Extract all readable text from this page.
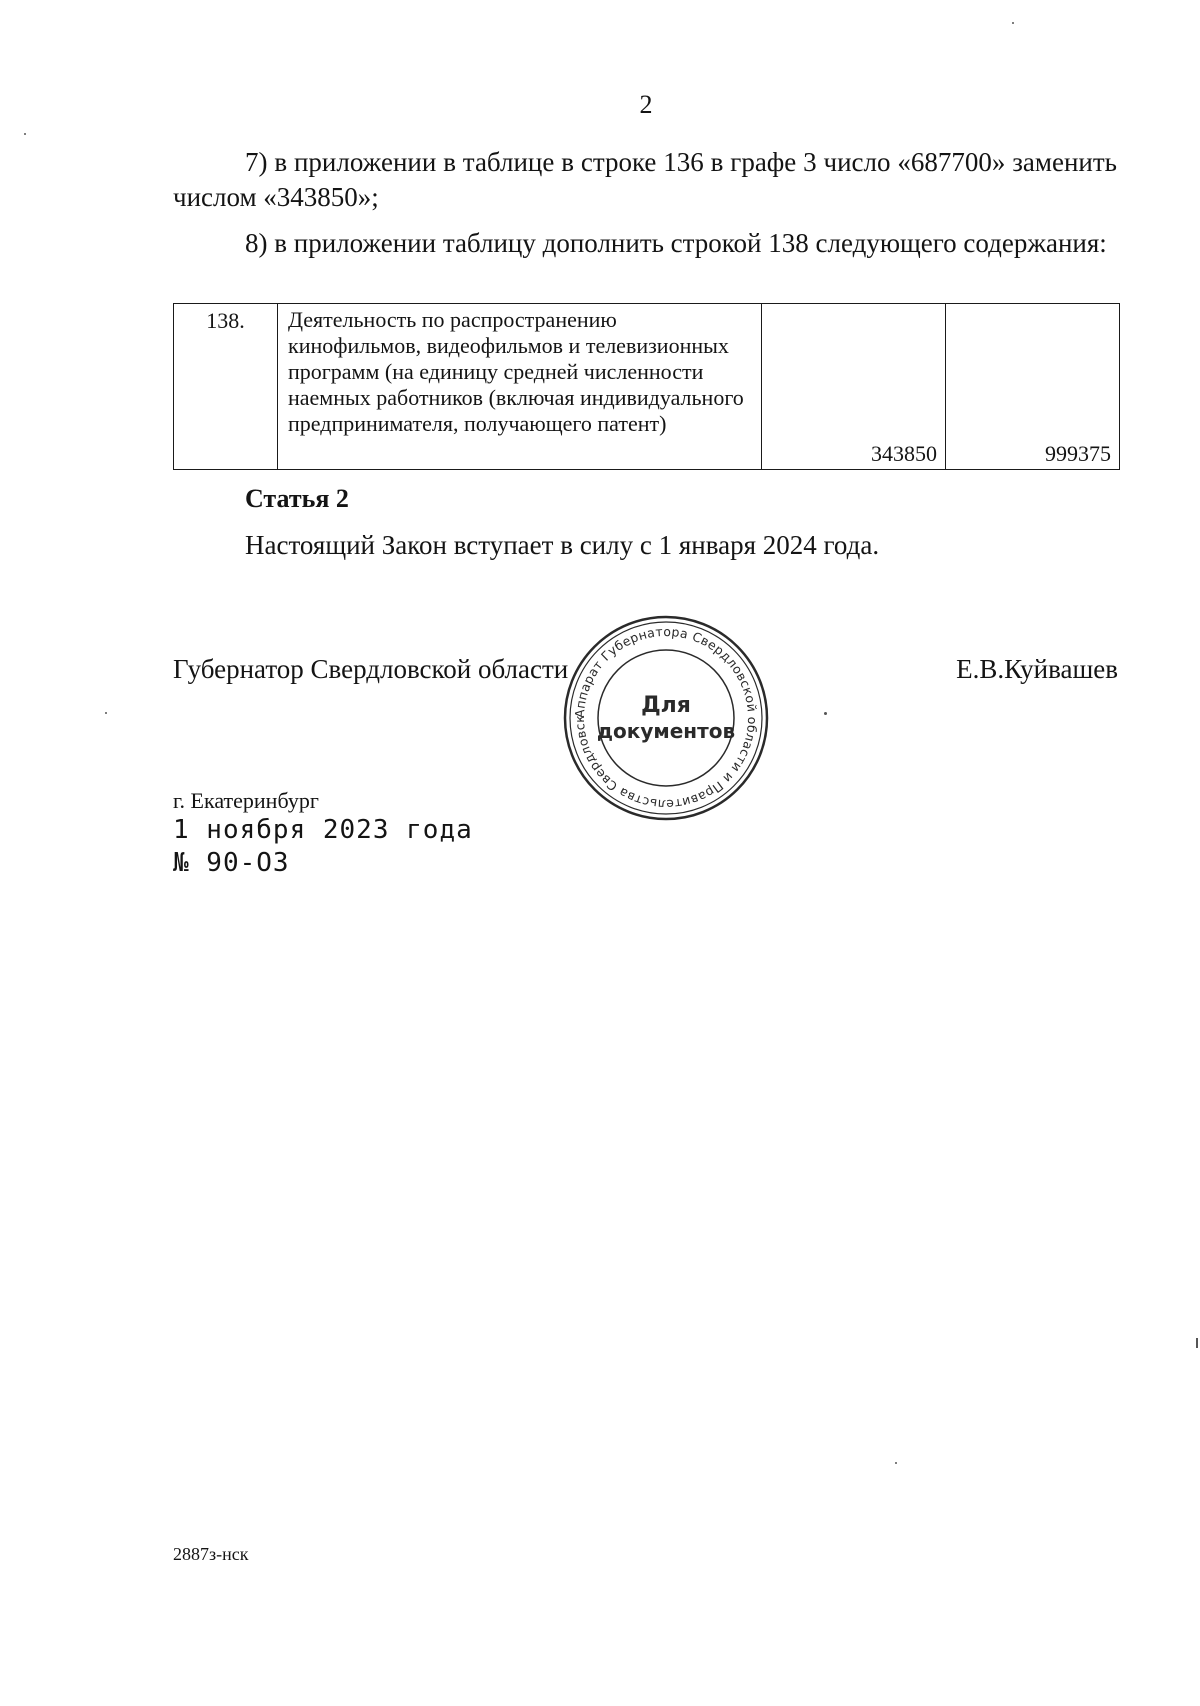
2
7) в приложении в таблице в строке 136 в графе 3 число «687700» заменить числом «343850»;
8) в приложении таблицу дополнить строкой 138 следующего содержания:
138.	Деятельность по распространению кинофильмов, видеофильмов и телевизионных программ (на единицу средней численности наемных работников (включая индивидуального предпринимателя, получающего патент)	343850	999375
Статья 2
Настоящий Закон вступает в силу с 1 января 2024 года.
Губернатор Свердловской области	Е.В.Куйвашев
Аппарат Губернатора Свердловской области и Правительства Свердловск
Для
документов
г. Екатеринбург
1 ноября 2023 года
№ 90-ОЗ
2887з-нск
